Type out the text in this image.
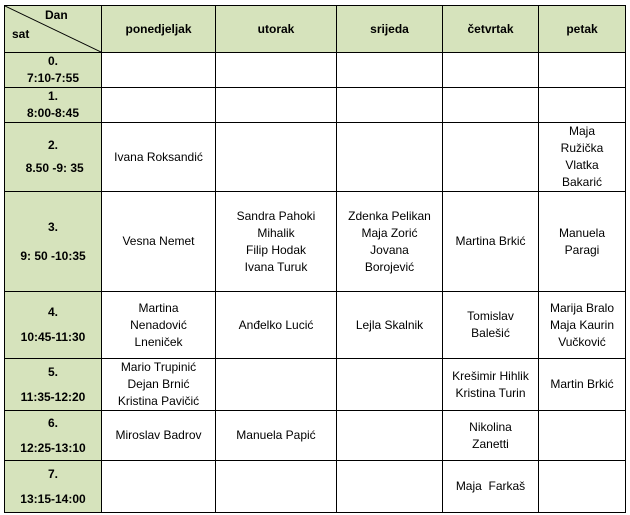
Dan
sat	ponedjeljak	utorak	srijeda	četvrtak	petak

0.
7:10-7:55					

1.
8:00-8:45					

2.
8.50 -9: 35	Ivana Roksandić				Maja
Ružička
Vlatka
Bakarić

3.
9: 50 -10:35	Vesna Nemet	Sandra Pahoki
Mihalik
Filip Hodak
Ivana Turuk	Zdenka Pelikan
Maja Zorić
Jovana
Borojević	Martina Brkić	Manuela
Paragi

4.
10:45-11:30	Martina
Nenadović
Lneniček	Anđelko Lucić	Lejla Skalnik	Tomislav
Balešić	Marija Bralo
Maja Kaurin
Vučković

5.
11:35-12:20	Mario Trupinić
Dejan Brnić
Kristina Pavičić			Krešimir Hihlik
Kristina Turin	Martin Brkić

6.
12:25-13:10	Miroslav Badrov	Manuela Papić		Nikolina
Zanetti	

7.
13:15-14:00				Maja  Farkaš	
